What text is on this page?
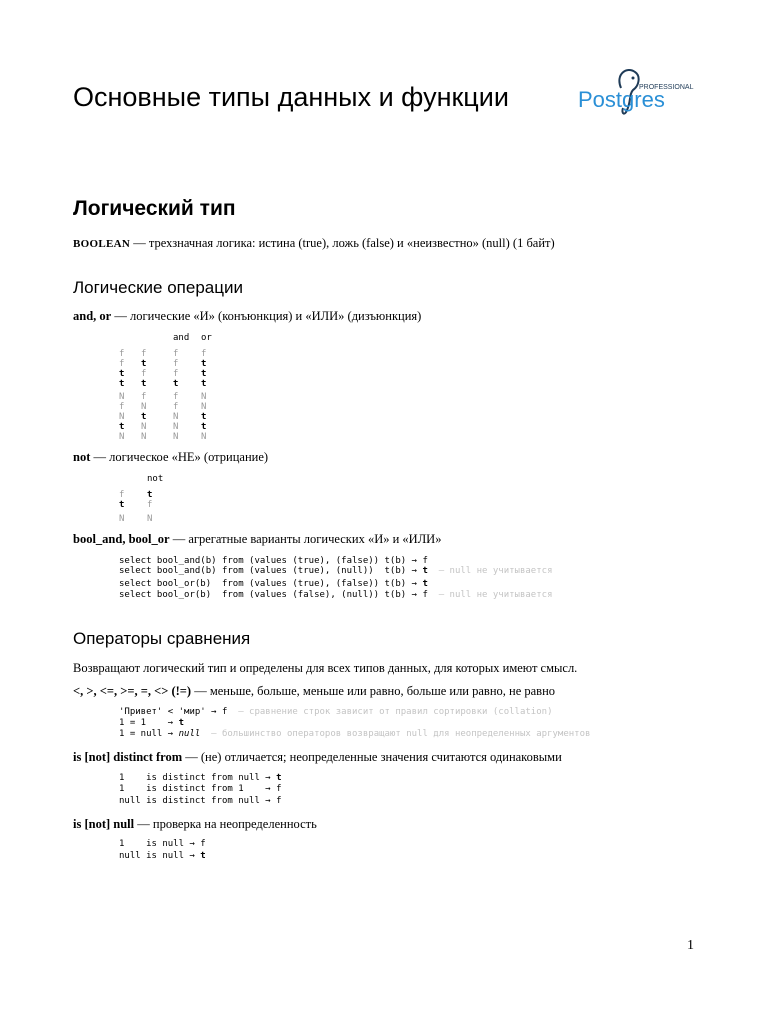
Основные типы данных и функции	PROFESSIONAL
Postgres
Логический тип
BOOLEAN — трехзначная логика: истина (true), ложь (false) и «неизвестно» (null) (1 байт)
Логические операции
and, or — логические «И» (конъюнкция) и «ИЛИ» (дизъюнкция)
and or
f f	f	f
f t	f	t
t f	f	t
t t	t	t
N f	f	N
f N	f	N
N t	N	t
t N	N	t
N N	N	N
not — логическое «НЕ» (отрицание)
not
f	t
t	f
N	N
bool_and, bool_or — агрегатные варианты логических «И» и «ИЛИ»
select bool_and(b) from (values (true), (false)) t(b) → f
select bool_and(b) from (values (true), (null))  t(b) → t  — null не учитывается
select bool_or(b)  from (values (true), (false)) t(b) → t
select bool_or(b)  from (values (false), (null)) t(b) → f  — null не учитывается
Операторы сравнения
Возвращают логический тип и определены для всех типов данных, для которых имеют смысл.
<, >, <=, >=, =, <> (!=) — меньше, больше, меньше или равно, больше или равно, не равно
'Привет' < 'мир' → f  — сравнение строк зависит от правил сортировки (collation)
1 = 1    → t
1 = null → null  — большинство операторов возвращают null для неопределенных аргументов
is [not] distinct from — (не) отличается; неопределенные значения считаются одинаковыми
1    is distinct from null → t
1    is distinct from 1    → f
null is distinct from null → f
is [not] null — проверка на неопределенность
1    is null → f
null is null → t
1
